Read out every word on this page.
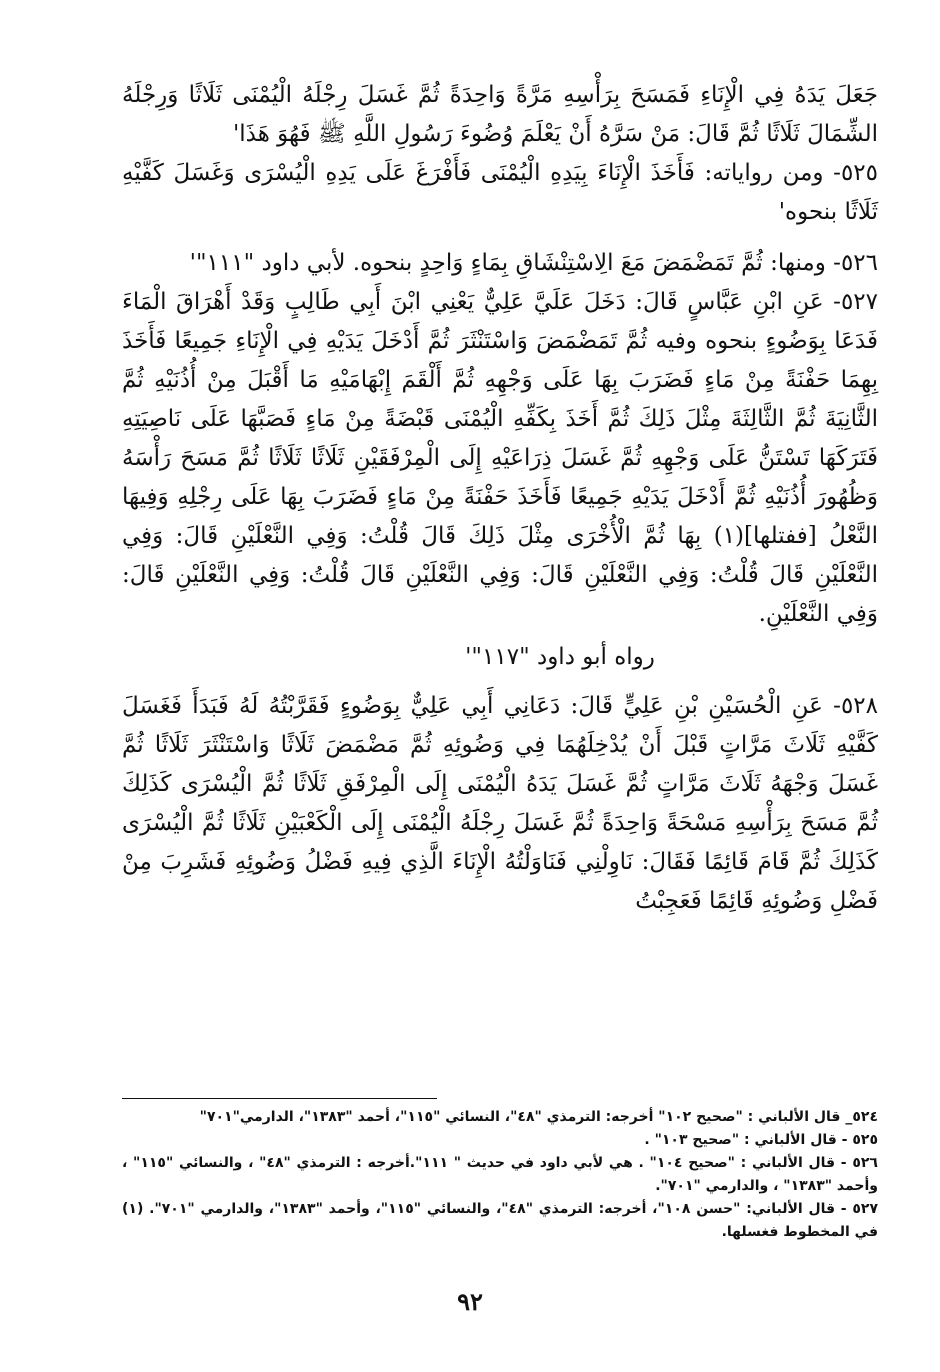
جَعَلَ يَدَهُ فِي الْإِنَاءِ فَمَسَحَ بِرَأْسِهِ مَرَّةً وَاحِدَةً ثُمَّ غَسَلَ رِجْلَهُ الْيُمْنَى ثَلَاثًا وَرِجْلَهُ الشِّمَالَ ثَلَاثًا ثُمَّ قَالَ: مَنْ سَرَّهُ أَنْ يَعْلَمَ وُضُوءَ رَسُولِ اللَّهِ ﷺ فَهُوَ هَذَا'

٥٢٥- ومن رواياته: فَأَخَذَ الْإِنَاءَ بِيَدِهِ الْيُمْنَى فَأَفْرَغَ عَلَى يَدِهِ الْيُسْرَى وَغَسَلَ كَفَّيْهِ ثَلَاثًا بنحوه'

٥٢٦- ومنها: ثُمَّ تَمَضْمَضَ مَعَ الِاسْتِنْشَاقِ بِمَاءٍ وَاحِدٍ بنحوه. لأبي داود "١١١"'

٥٢٧- عَنِ ابْنِ عَبَّاسٍ قَالَ: دَخَلَ عَلَيَّ عَلِيٌّ يَعْنِي ابْنَ أَبِي طَالِبٍ وَقَدْ أَهْرَاقَ الْمَاءَ فَدَعَا بِوَضُوءٍ بنحوه وفيه ثُمَّ تَمَضْمَضَ وَاسْتَنْثَرَ ثُمَّ أَدْخَلَ يَدَيْهِ فِي الْإِنَاءِ جَمِيعًا فَأَخَذَ بِهِمَا حَفْنَةً مِنْ مَاءٍ فَضَرَبَ بِهَا عَلَى وَجْهِهِ ثُمَّ أَلْقَمَ إِبْهَامَيْهِ مَا أَقْبَلَ مِنْ أُذُنَيْهِ ثُمَّ الثَّانِيَةَ ثُمَّ الثَّالِثَةَ مِثْلَ ذَلِكَ ثُمَّ أَخَذَ بِكَفِّهِ الْيُمْنَى قَبْضَةً مِنْ مَاءٍ فَصَبَّهَا عَلَى نَاصِيَتِهِ فَتَرَكَهَا تَسْتَنُّ عَلَى وَجْهِهِ ثُمَّ غَسَلَ ذِرَاعَيْهِ إِلَى الْمِرْفَقَيْنِ ثَلَاثًا ثَلَاثًا ثُمَّ مَسَحَ رَأْسَهُ وَظُهُورَ أُذُنَيْهِ ثُمَّ أَدْخَلَ يَدَيْهِ جَمِيعًا فَأَخَذَ حَفْنَةً مِنْ مَاءٍ فَضَرَبَ بِهَا عَلَى رِجْلِهِ وَفِيهَا النَّعْلُ [ففتلها](١) بِهَا ثُمَّ الْأُخْرَى مِثْلَ ذَلِكَ قَالَ قُلْتُ: وَفِي النَّعْلَيْنِ قَالَ: وَفِي النَّعْلَيْنِ قَالَ قُلْتُ: وَفِي النَّعْلَيْنِ قَالَ: وَفِي النَّعْلَيْنِ قَالَ قُلْتُ: وَفِي النَّعْلَيْنِ قَالَ: وَفِي النَّعْلَيْنِ.

رواه أبو داود "١١٧"'

٥٢٨- عَنِ الْحُسَيْنِ بْنِ عَلِيٍّ قَالَ: دَعَانِي أَبِي عَلِيٌّ بِوَضُوءٍ فَقَرَّبْتُهُ لَهُ فَبَدَأَ فَغَسَلَ كَفَّيْهِ ثَلَاثَ مَرَّاتٍ قَبْلَ أَنْ يُدْخِلَهُمَا فِي وَضُوئِهِ ثُمَّ مَضْمَضَ ثَلَاثًا وَاسْتَنْثَرَ ثَلَاثًا ثُمَّ غَسَلَ وَجْهَهُ ثَلَاثَ مَرَّاتٍ ثُمَّ غَسَلَ يَدَهُ الْيُمْنَى إِلَى الْمِرْفَقِ ثَلَاثًا ثُمَّ الْيُسْرَى كَذَلِكَ ثُمَّ مَسَحَ بِرَأْسِهِ مَسْحَةً وَاحِدَةً ثُمَّ غَسَلَ رِجْلَهُ الْيُمْنَى إِلَى الْكَعْبَيْنِ ثَلَاثًا ثُمَّ الْيُسْرَى كَذَلِكَ ثُمَّ قَامَ قَائِمًا فَقَالَ: نَاوِلْنِي فَنَاوَلْتُهُ الْإِنَاءَ الَّذِي فِيهِ فَضْلُ وَضُوئِهِ فَشَرِبَ مِنْ فَضْلِ وَضُوئِهِ قَائِمًا فَعَجِبْتُ

٥٢٤_ قال الألباني : "صحيح ١٠٢" أخرجه: الترمذي "٤٨"، النسائي "١١٥"، أحمد "١٣٨٣"، الدارمي"٧٠١"

٥٢٥ - قال الألباني : "صحيح ١٠٣" .

٥٢٦ - قال الألباني : "صحيح ١٠٤" . هي لأبي داود في حديث " ١١١".أخرجه : الترمذي "٤٨" ، والنسائي "١١٥" ، وأحمد "١٣٨٣" ، والدارمي "٧٠١".

٥٢٧ - قال الألباني: "حسن ١٠٨"، أخرجه: الترمذي "٤٨"، والنسائي "١١٥"، وأحمد "١٣٨٣"، والدارمي "٧٠١". (١) في المخطوط فغسلها.

٩٢
